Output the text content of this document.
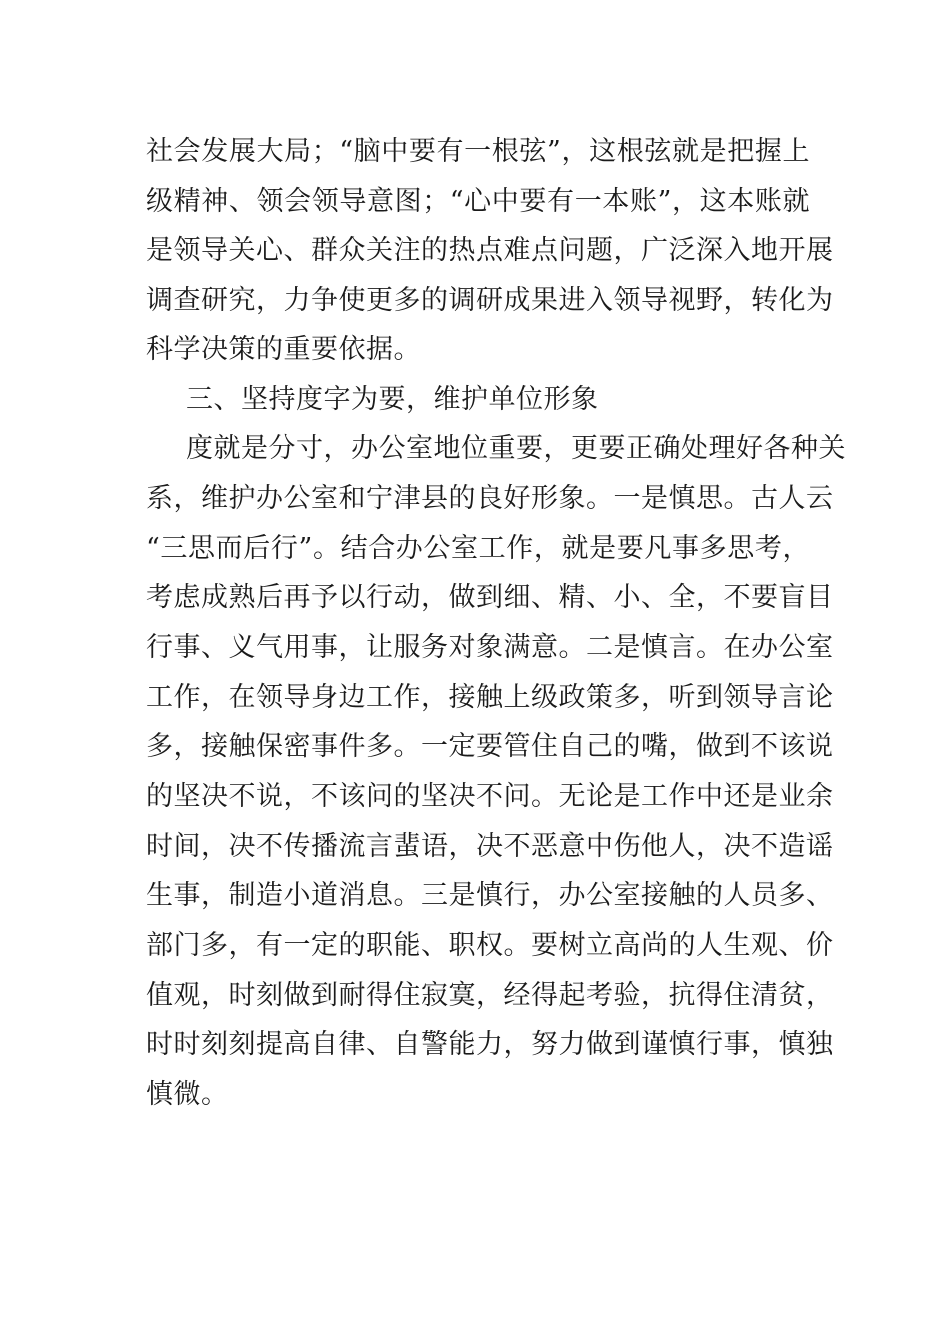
社会发展大局；“脑中要有一根弦”，这根弦就是把握上
级精神、领会领导意图；“心中要有一本账”，这本账就
是领导关心、群众关注的热点难点问题，广泛深入地开展
调查研究，力争使更多的调研成果进入领导视野，转化为
科学决策的重要依据。
三、坚持度字为要，维护单位形象
度就是分寸，办公室地位重要，更要正确处理好各种关
系，维护办公室和宁津县的良好形象。一是慎思。古人云
“三思而后行”。结合办公室工作，就是要凡事多思考，
考虑成熟后再予以行动，做到细、精、小、全，不要盲目
行事、义气用事，让服务对象满意。二是慎言。在办公室
工作，在领导身边工作，接触上级政策多，听到领导言论
多，接触保密事件多。一定要管住自己的嘴，做到不该说
的坚决不说，不该问的坚决不问。无论是工作中还是业余
时间，决不传播流言蜚语，决不恶意中伤他人，决不造谣
生事，制造小道消息。三是慎行，办公室接触的人员多、
部门多，有一定的职能、职权。要树立高尚的人生观、价
值观，时刻做到耐得住寂寞，经得起考验，抗得住清贫，
时时刻刻提高自律、自警能力，努力做到谨慎行事，慎独
慎微。
